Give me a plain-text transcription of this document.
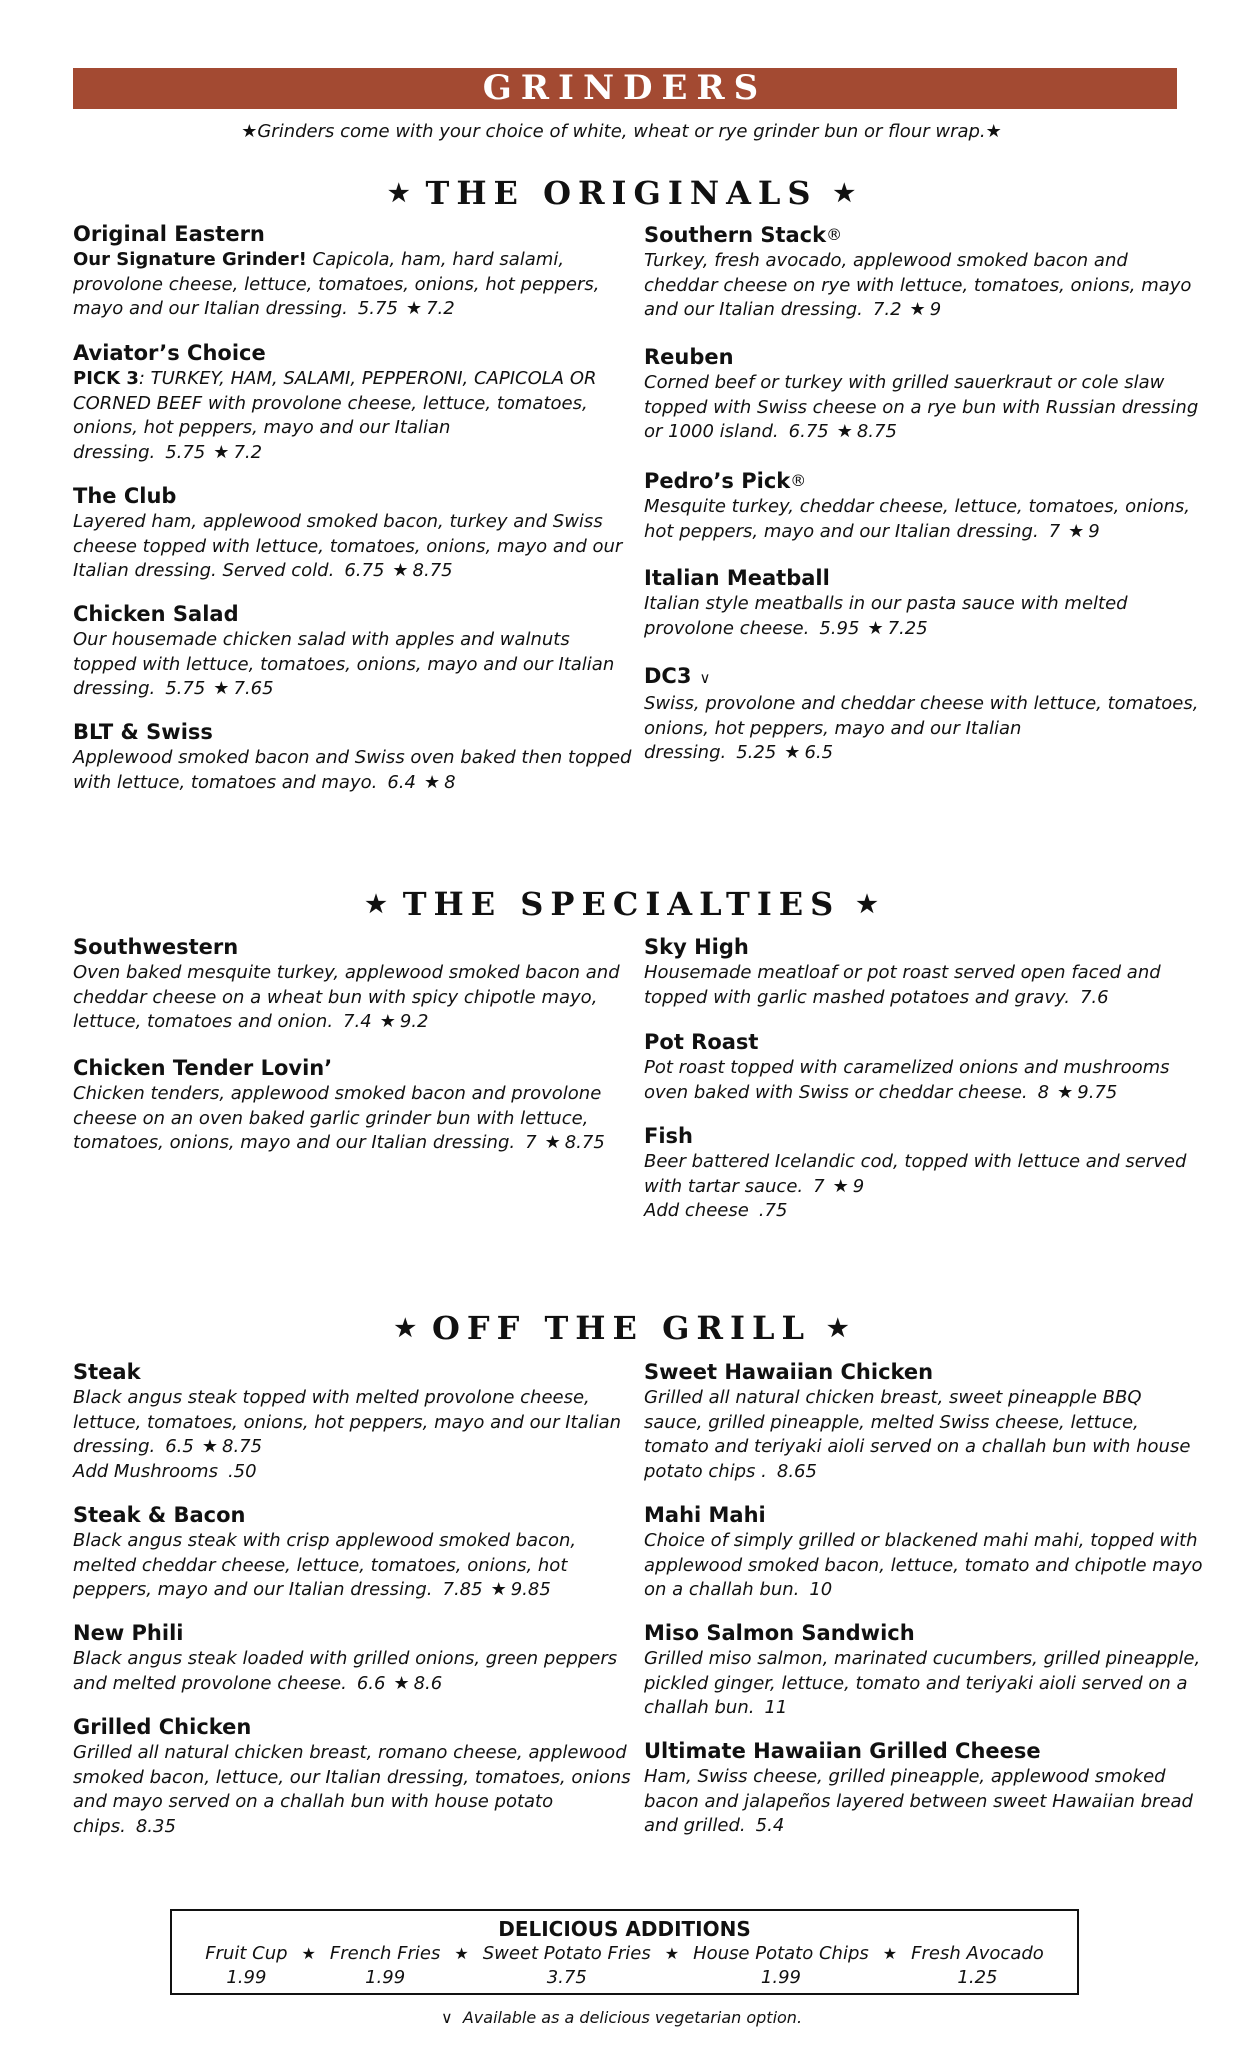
GRINDERS
★Grinders come with your choice of white, wheat or rye grinder bun or flour wrap.★
★ THE ORIGINALS ★
Original Eastern

Our Signature Grinder! Capicola, ham, hard salami, provolone cheese, lettuce, tomatoes, onions, hot peppers, mayo and our Italian dressing. 5.75 ★ 7.2

Aviator’s Choice

PICK 3: TURKEY, HAM, SALAMI, PEPPERONI, CAPICOLA OR CORNED BEEF with provolone cheese, lettuce, tomatoes, onions, hot peppers, mayo and our Italian dressing. 5.75 ★ 7.2

The Club

Layered ham, applewood smoked bacon, turkey and Swiss cheese topped with lettuce, tomatoes, onions, mayo and our Italian dressing. Served cold. 6.75 ★ 8.75

Chicken Salad

Our housemade chicken salad with apples and walnuts topped with lettuce, tomatoes, onions, mayo and our Italian dressing. 5.75 ★ 7.65

BLT & Swiss

Applewood smoked bacon and Swiss oven baked then topped with lettuce, tomatoes and mayo. 6.4 ★ 8

Southern Stack®

Turkey, fresh avocado, applewood smoked bacon and cheddar cheese on rye with lettuce, tomatoes, onions, mayo and our Italian dressing. 7.2 ★ 9

Reuben

Corned beef or turkey with grilled sauerkraut or cole slaw topped with Swiss cheese on a rye bun with Russian dressing or 1000 island. 6.75 ★ 8.75

Pedro’s Pick®

Mesquite turkey, cheddar cheese, lettuce, tomatoes, onions, hot peppers, mayo and our Italian dressing. 7 ★ 9

Italian Meatball

Italian style meatballs in our pasta sauce with melted provolone cheese. 5.95 ★ 7.25

DC3 ∨

Swiss, provolone and cheddar cheese with lettuce, tomatoes, onions, hot peppers, mayo and our Italian dressing. 5.25 ★ 6.5

★ THE SPECIALTIES ★
Southwestern

Oven baked mesquite turkey, applewood smoked bacon and cheddar cheese on a wheat bun with spicy chipotle mayo, lettuce, tomatoes and onion. 7.4 ★ 9.2

Chicken Tender Lovin’

Chicken tenders, applewood smoked bacon and provolone cheese on an oven baked garlic grinder bun with lettuce, tomatoes, onions, mayo and our Italian dressing. 7 ★ 8.75

Sky High

Housemade meatloaf or pot roast served open faced and topped with garlic mashed potatoes and gravy. 7.6

Pot Roast

Pot roast topped with caramelized onions and mushrooms oven baked with Swiss or cheddar cheese. 8 ★ 9.75

Fish

Beer battered Icelandic cod, topped with lettuce and served with tartar sauce. 7 ★ 9
Add cheese .75

★ OFF THE GRILL ★
Steak

Black angus steak topped with melted provolone cheese, lettuce, tomatoes, onions, hot peppers, mayo and our Italian dressing. 6.5 ★ 8.75
Add Mushrooms .50

Steak & Bacon

Black angus steak with crisp applewood smoked bacon, melted cheddar cheese, lettuce, tomatoes, onions, hot peppers, mayo and our Italian dressing. 7.85 ★ 9.85

New Phili

Black angus steak loaded with grilled onions, green peppers and melted provolone cheese. 6.6 ★ 8.6

Grilled Chicken

Grilled all natural chicken breast, romano cheese, applewood smoked bacon, lettuce, our Italian dressing, tomatoes, onions and mayo served on a challah bun with house potato chips. 8.35

Sweet Hawaiian Chicken

Grilled all natural chicken breast, sweet pineapple BBQ sauce, grilled pineapple, melted Swiss cheese, lettuce, tomato and teriyaki aioli served on a challah bun with house potato chips . 8.65

Mahi Mahi

Choice of simply grilled or blackened mahi mahi, topped with applewood smoked bacon, lettuce, tomato and chipotle mayo on a challah bun. 10

Miso Salmon Sandwich

Grilled miso salmon, marinated cucumbers, grilled pineapple, pickled ginger, lettuce, tomato and teriyaki aioli served on a challah bun. 11

Ultimate Hawaiian Grilled Cheese

Ham, Swiss cheese, grilled pineapple, applewood smoked bacon and jalapeños layered between sweet Hawaiian bread and grilled. 5.4

DELICIOUS ADDITIONS
Fruit Cup
1.99
★ French Fries
1.99
★ Sweet Potato Fries
3.75
★ House Potato Chips
1.99
★ Fresh Avocado
1.25
∨ Available as a delicious vegetarian option.
